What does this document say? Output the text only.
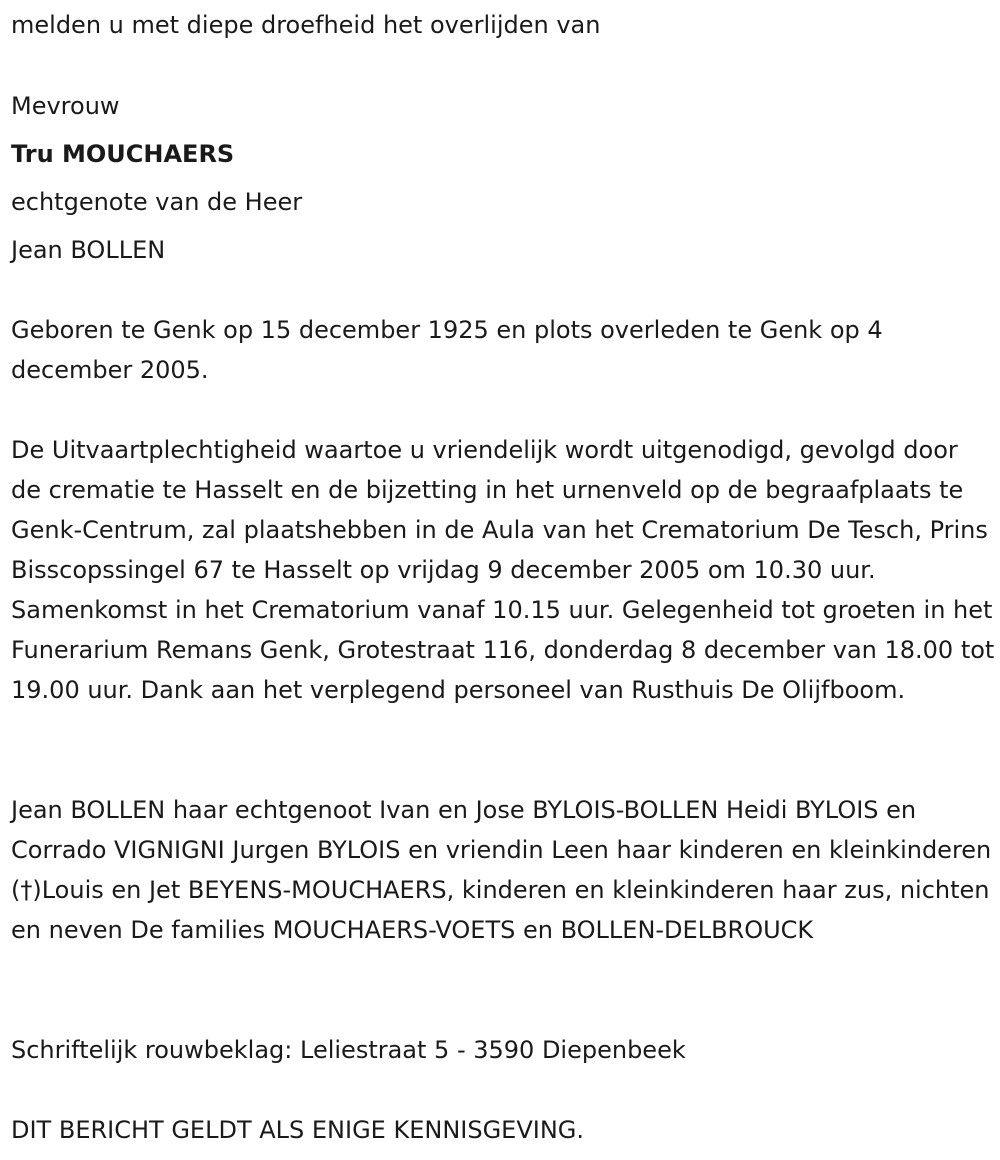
melden u met diepe droefheid het overlijden van
Mevrouw
Tru MOUCHAERS
echtgenote van de Heer
Jean BOLLEN
Geboren te Genk op 15 december 1925 en plots overleden te Genk op 4 december 2005.
De Uitvaartplechtigheid waartoe u vriendelijk wordt uitgenodigd, gevolgd door de crematie te Hasselt en de bijzetting in het urnenveld op de begraafplaats te Genk-Centrum, zal plaatshebben in de Aula van het Crematorium De Tesch, Prins Bisscopssingel 67 te Hasselt op vrijdag 9 december 2005 om 10.30 uur. Samenkomst in het Crematorium vanaf 10.15 uur. Gelegenheid tot groeten in het Funerarium Remans Genk, Grotestraat 116, donderdag 8 december van 18.00 tot 19.00 uur. Dank aan het verplegend personeel van Rusthuis De Olijfboom.
Jean BOLLEN haar echtgenoot Ivan en Jose BYLOIS-BOLLEN Heidi BYLOIS en Corrado VIGNIGNI Jurgen BYLOIS en vriendin Leen haar kinderen en kleinkinderen (†)Louis en Jet BEYENS-MOUCHAERS, kinderen en kleinkinderen haar zus, nichten en neven De families MOUCHAERS-VOETS en BOLLEN-DELBROUCK
Schriftelijk rouwbeklag: Leliestraat 5 - 3590 Diepenbeek
DIT BERICHT GELDT ALS ENIGE KENNISGEVING.
